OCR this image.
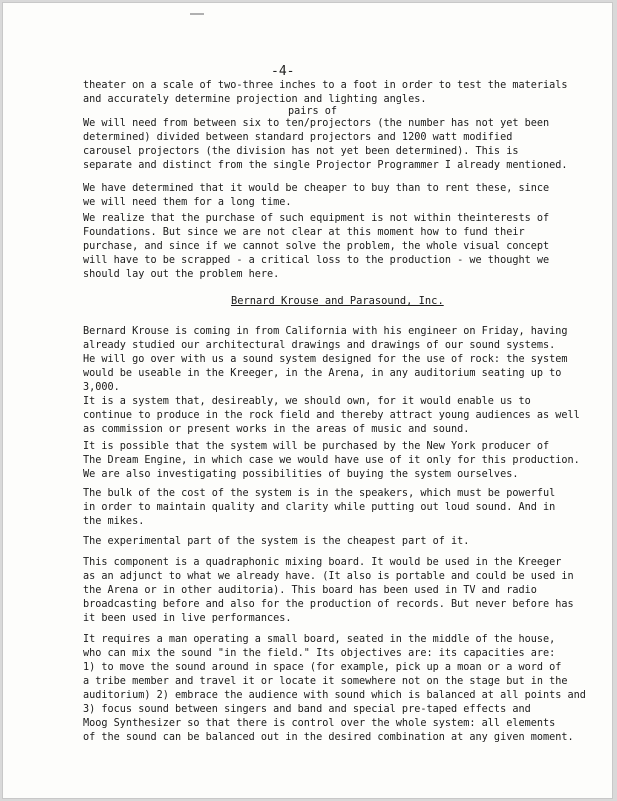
-4-
pairs of
Bernard Krouse and Parasound, Inc.
theater on a scale of two-three inches to a foot in order to test the materials
and accurately determine projection and lighting angles.
We will need from between six to ten/projectors (the number has not yet been
determined) divided between standard projectors and 1200 watt modified
carousel projectors (the division has not yet been determined). This is
separate and distinct from the single Projector Programmer I already mentioned.
We have determined that it would be cheaper to buy than to rent these, since
we will need them for a long time.
We realize that the purchase of such equipment is not within theinterests of
Foundations. But since we are not clear at this moment how to fund their
purchase, and since if we cannot solve the problem, the whole visual concept
will have to be scrapped - a critical loss to the production - we thought we
should lay out the problem here.
Bernard Krouse is coming in from California with his engineer on Friday, having
already studied our architectural drawings and drawings of our sound systems.
He will go over with us a sound system designed for the use of rock: the system
would be useable in the Kreeger, in the Arena, in any auditorium seating up to
3,000.
It is a system that, desireably, we should own, for it would enable us to
continue to produce in the rock field and thereby attract young audiences as well
as commission or present works in the areas of music and sound.
It is possible that the system will be purchased by the New York producer of
The Dream Engine, in which case we would have use of it only for this production.
We are also investigating possibilities of buying the system ourselves.
The bulk of the cost of the system is in the speakers, which must be powerful
in order to maintain quality and clarity while putting out loud sound. And in
the mikes.
The experimental part of the system is the cheapest part of it.
This component is a quadraphonic mixing board. It would be used in the Kreeger
as an adjunct to what we already have. (It also is portable and could be used in
the Arena or in other auditoria). This board has been used in TV and radio
broadcasting before and also for the production of records. But never before has
it been used in live performances.
It requires a man operating a small board, seated in the middle of the house,
who can mix the sound "in the field." Its objectives are: its capacities are:
1) to move the sound around in space (for example, pick up a moan or a word of
a tribe member and travel it or locate it somewhere not on the stage but in the
auditorium) 2) embrace the audience with sound which is balanced at all points and
3) focus sound between singers and band and special pre-taped effects and
Moog Synthesizer so that there is control over the whole system: all elements
of the sound can be balanced out in the desired combination at any given moment.
